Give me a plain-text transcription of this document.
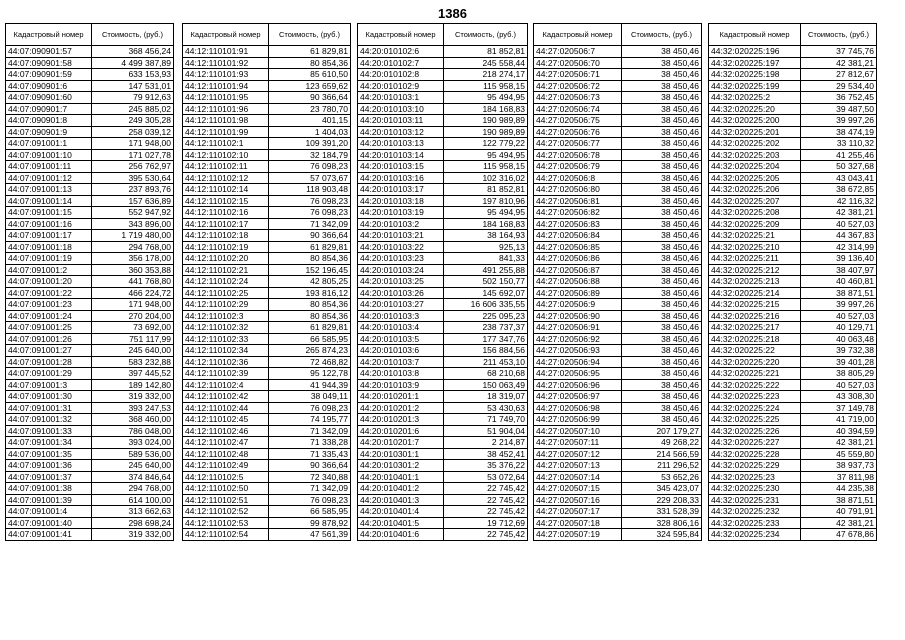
1386
Кадастровый номер	Стоимость, (руб.)
44:07:090901:57	368 456,24
44:07:090901:58	4 499 387,89
44:07:090901:59	633 153,93
44:07:090901:6	147 531,01
44:07:090901:60	79 912,63
44:07:090901:7	245 885,02
44:07:090901:8	249 305,28
44:07:090901:9	258 039,12
44:07:091001:1	171 948,00
44:07:091001:10	171 027,78
44:07:091001:11	256 762,97
44:07:091001:12	395 530,64
44:07:091001:13	237 893,76
44:07:091001:14	157 636,89
44:07:091001:15	552 947,92
44:07:091001:16	343 896,00
44:07:091001:17	1 719 480,00
44:07:091001:18	294 768,00
44:07:091001:19	356 178,00
44:07:091001:2	360 353,88
44:07:091001:20	441 768,80
44:07:091001:22	466 224,72
44:07:091001:23	171 948,00
44:07:091001:24	270 204,00
44:07:091001:25	73 692,00
44:07:091001:26	751 117,99
44:07:091001:27	245 640,00
44:07:091001:28	583 232,88
44:07:091001:29	397 445,52
44:07:091001:3	189 142,80
44:07:091001:30	319 332,00
44:07:091001:31	393 247,53
44:07:091001:32	368 460,00
44:07:091001:33	786 048,00
44:07:091001:34	393 024,00
44:07:091001:35	589 536,00
44:07:091001:36	245 640,00
44:07:091001:37	374 846,64
44:07:091001:38	294 768,00
44:07:091001:39	614 100,00
44:07:091001:4	313 662,63
44:07:091001:40	298 698,24
44:07:091001:41	319 332,00
Кадастровый номер	Стоимость, (руб.)
44:12:110101:91	61 829,81
44:12:110101:92	80 854,36
44:12:110101:93	85 610,50
44:12:110101:94	123 659,62
44:12:110101:95	90 366,64
44:12:110101:96	23 780,70
44:12:110101:98	401,15
44:12:110101:99	1 404,03
44:12:110102:1	109 391,20
44:12:110102:10	32 184,79
44:12:110102:11	76 098,23
44:12:110102:12	57 073,67
44:12:110102:14	118 903,48
44:12:110102:15	76 098,23
44:12:110102:16	76 098,23
44:12:110102:17	71 342,09
44:12:110102:18	90 366,64
44:12:110102:19	61 829,81
44:12:110102:20	80 854,36
44:12:110102:21	152 196,45
44:12:110102:24	42 805,25
44:12:110102:25	193 816,12
44:12:110102:29	80 854,36
44:12:110102:3	80 854,36
44:12:110102:32	61 829,81
44:12:110102:33	66 585,95
44:12:110102:34	265 874,23
44:12:110102:36	72 468,82
44:12:110102:39	95 122,78
44:12:110102:4	41 944,39
44:12:110102:42	38 049,11
44:12:110102:44	76 098,23
44:12:110102:45	74 195,77
44:12:110102:46	71 342,09
44:12:110102:47	71 338,28
44:12:110102:48	71 335,43
44:12:110102:49	90 366,64
44:12:110102:5	72 340,88
44:12:110102:50	71 342,09
44:12:110102:51	76 098,23
44:12:110102:52	66 585,95
44:12:110102:53	99 878,92
44:12:110102:54	47 561,39
Кадастровый номер	Стоимость, (руб.)
44:20:010102:6	81 852,81
44:20:010102:7	245 558,44
44:20:010102:8	218 274,17
44:20:010102:9	115 958,15
44:20:010103:1	95 494,95
44:20:010103:10	184 168,83
44:20:010103:11	190 989,89
44:20:010103:12	190 989,89
44:20:010103:13	122 779,22
44:20:010103:14	95 494,95
44:20:010103:15	115 958,15
44:20:010103:16	102 316,02
44:20:010103:17	81 852,81
44:20:010103:18	197 810,96
44:20:010103:19	95 494,95
44:20:010103:2	184 168,83
44:20:010103:21	38 164,93
44:20:010103:22	925,13
44:20:010103:23	841,33
44:20:010103:24	491 255,88
44:20:010103:25	502 150,77
44:20:010103:26	145 692,07
44:20:010103:27	16 606 335,55
44:20:010103:3	225 095,23
44:20:010103:4	238 737,37
44:20:010103:5	177 347,76
44:20:010103:6	156 884,56
44:20:010103:7	211 453,10
44:20:010103:8	68 210,68
44:20:010103:9	150 063,49
44:20:010201:1	18 319,07
44:20:010201:2	53 430,63
44:20:010201:3	71 749,70
44:20:010201:6	51 904,04
44:20:010201:7	2 214,87
44:20:010301:1	38 452,41
44:20:010301:2	35 376,22
44:20:010401:1	53 072,64
44:20:010401:2	22 745,42
44:20:010401:3	22 745,42
44:20:010401:4	22 745,42
44:20:010401:5	19 712,69
44:20:010401:6	22 745,42
Кадастровый номер	Стоимость, (руб.)
44:27:020506:7	38 450,46
44:27:020506:70	38 450,46
44:27:020506:71	38 450,46
44:27:020506:72	38 450,46
44:27:020506:73	38 450,46
44:27:020506:74	38 450,46
44:27:020506:75	38 450,46
44:27:020506:76	38 450,46
44:27:020506:77	38 450,46
44:27:020506:78	38 450,46
44:27:020506:79	38 450,46
44:27:020506:8	38 450,46
44:27:020506:80	38 450,46
44:27:020506:81	38 450,46
44:27:020506:82	38 450,46
44:27:020506:83	38 450,46
44:27:020506:84	38 450,46
44:27:020506:85	38 450,46
44:27:020506:86	38 450,46
44:27:020506:87	38 450,46
44:27:020506:88	38 450,46
44:27:020506:89	38 450,46
44:27:020506:9	38 450,46
44:27:020506:90	38 450,46
44:27:020506:91	38 450,46
44:27:020506:92	38 450,46
44:27:020506:93	38 450,46
44:27:020506:94	38 450,46
44:27:020506:95	38 450,46
44:27:020506:96	38 450,46
44:27:020506:97	38 450,46
44:27:020506:98	38 450,46
44:27:020506:99	38 450,46
44:27:020507:10	207 179,27
44:27:020507:11	49 268,22
44:27:020507:12	214 566,59
44:27:020507:13	211 296,52
44:27:020507:14	53 652,26
44:27:020507:15	345 423,07
44:27:020507:16	229 208,33
44:27:020507:17	331 528,39
44:27:020507:18	328 806,16
44:27:020507:19	324 595,84
Кадастровый номер	Стоимость, (руб.)
44:32:020225:196	37 745,76
44:32:020225:197	42 381,21
44:32:020225:198	27 812,67
44:32:020225:199	29 534,40
44:32:020225:2	36 752,45
44:32:020225:20	39 487,50
44:32:020225:200	39 997,26
44:32:020225:201	38 474,19
44:32:020225:202	33 110,32
44:32:020225:203	41 255,46
44:32:020225:204	50 327,68
44:32:020225:205	43 043,41
44:32:020225:206	38 672,85
44:32:020225:207	42 116,32
44:32:020225:208	42 381,21
44:32:020225:209	40 527,03
44:32:020225:21	44 367,83
44:32:020225:210	42 314,99
44:32:020225:211	39 136,40
44:32:020225:212	38 407,97
44:32:020225:213	40 460,81
44:32:020225:214	38 871,51
44:32:020225:215	39 997,26
44:32:020225:216	40 527,03
44:32:020225:217	40 129,71
44:32:020225:218	40 063,48
44:32:020225:22	39 732,38
44:32:020225:220	39 401,28
44:32:020225:221	38 805,29
44:32:020225:222	40 527,03
44:32:020225:223	43 308,30
44:32:020225:224	37 149,78
44:32:020225:225	41 719,00
44:32:020225:226	40 394,59
44:32:020225:227	42 381,21
44:32:020225:228	45 559,80
44:32:020225:229	38 937,73
44:32:020225:23	37 811,98
44:32:020225:230	44 235,38
44:32:020225:231	38 871,51
44:32:020225:232	40 791,91
44:32:020225:233	42 381,21
44:32:020225:234	47 678,86
